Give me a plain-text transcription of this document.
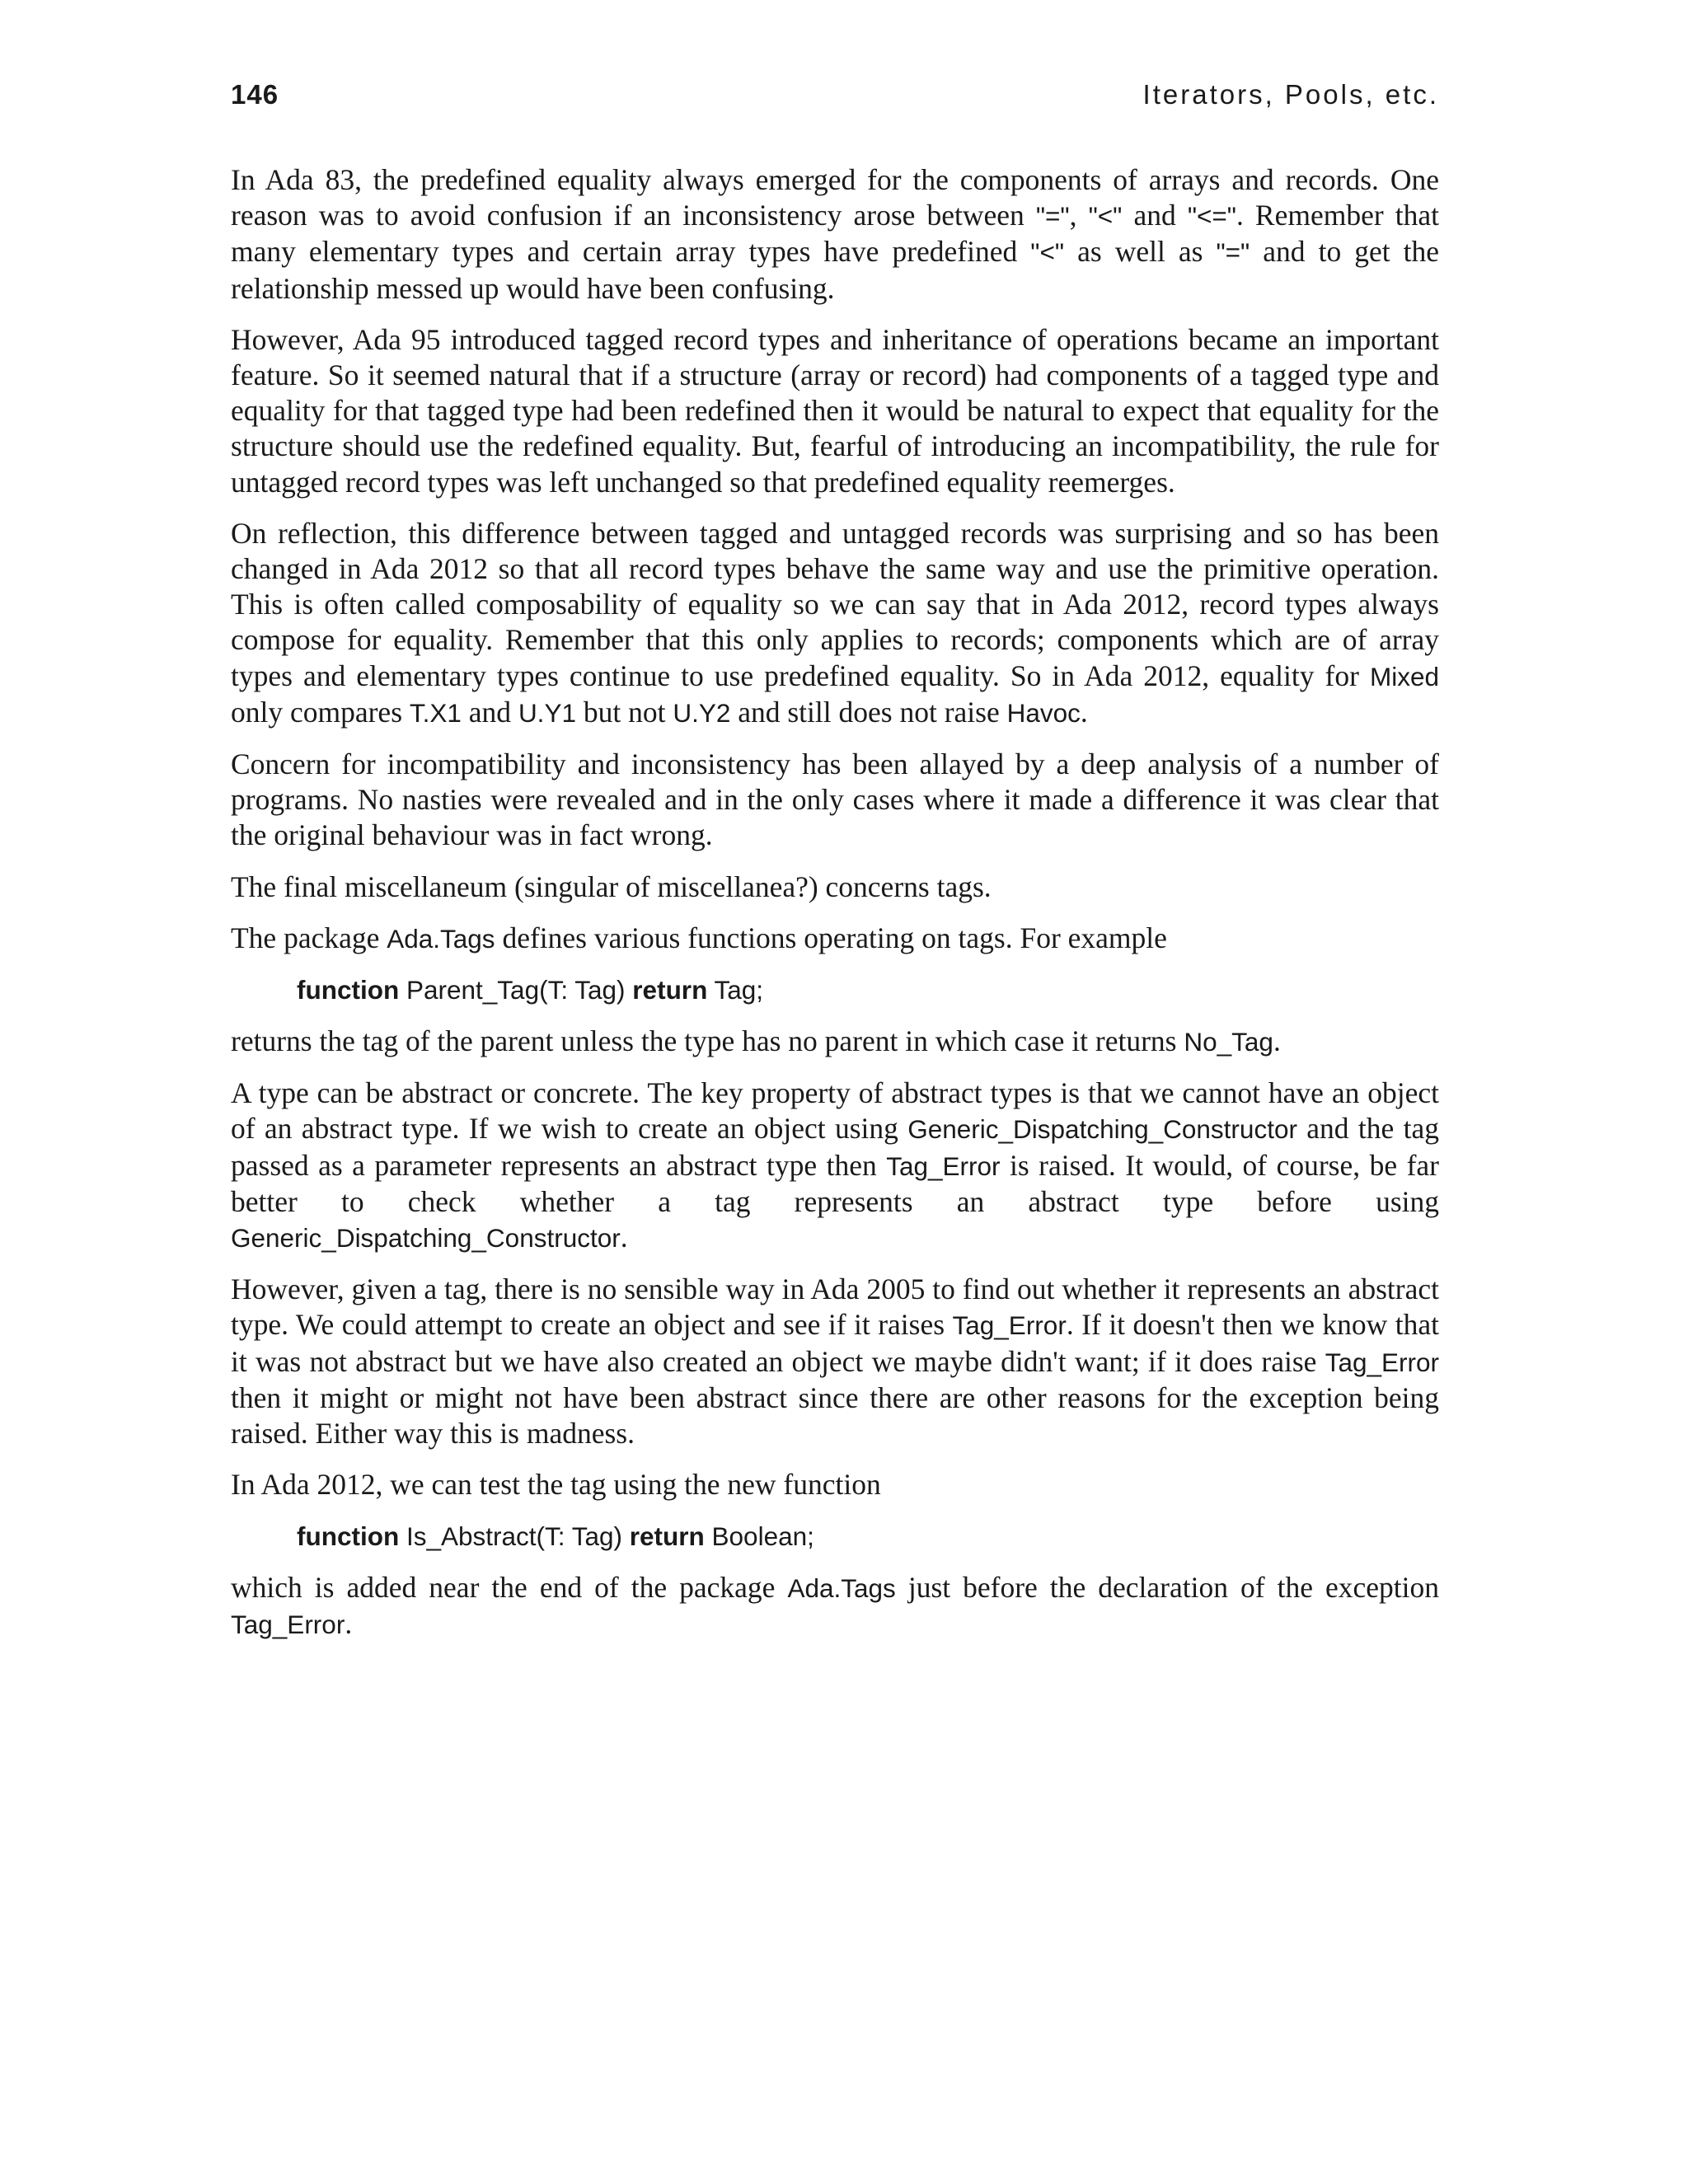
146	Iterators, Pools, etc.

In Ada 83, the predefined equality always emerged for the components of arrays and records. One reason was to avoid confusion if an inconsistency arose between "=", "<" and "<=". Remember that many elementary types and certain array types have predefined "<" as well as "=" and to get the relationship messed up would have been confusing.

However, Ada 95 introduced tagged record types and inheritance of operations became an important feature. So it seemed natural that if a structure (array or record) had components of a tagged type and equality for that tagged type had been redefined then it would be natural to expect that equality for the structure should use the redefined equality. But, fearful of introducing an incompatibility, the rule for untagged record types was left unchanged so that predefined equality reemerges.

On reflection, this difference between tagged and untagged records was surprising and so has been changed in Ada 2012 so that all record types behave the same way and use the primitive operation. This is often called composability of equality so we can say that in Ada 2012, record types always compose for equality. Remember that this only applies to records; components which are of array types and elementary types continue to use predefined equality. So in Ada 2012, equality for Mixed only compares T.X1 and U.Y1 but not U.Y2 and still does not raise Havoc.

Concern for incompatibility and inconsistency has been allayed by a deep analysis of a number of programs. No nasties were revealed and in the only cases where it made a difference it was clear that the original behaviour was in fact wrong.

The final miscellaneum (singular of miscellanea?) concerns tags.

The package Ada.Tags defines various functions operating on tags. For example

function Parent_Tag(T: Tag) return Tag;

returns the tag of the parent unless the type has no parent in which case it returns No_Tag.

A type can be abstract or concrete. The key property of abstract types is that we cannot have an object of an abstract type. If we wish to create an object using Generic_Dispatching_Constructor and the tag passed as a parameter represents an abstract type then Tag_Error is raised. It would, of course, be far better to check whether a tag represents an abstract type before using Generic_Dispatching_Constructor.

However, given a tag, there is no sensible way in Ada 2005 to find out whether it represents an abstract type. We could attempt to create an object and see if it raises Tag_Error. If it doesn't then we know that it was not abstract but we have also created an object we maybe didn't want; if it does raise Tag_Error then it might or might not have been abstract since there are other reasons for the exception being raised. Either way this is madness.

In Ada 2012, we can test the tag using the new function

function Is_Abstract(T: Tag) return Boolean;

which is added near the end of the package Ada.Tags just before the declaration of the exception Tag_Error.
